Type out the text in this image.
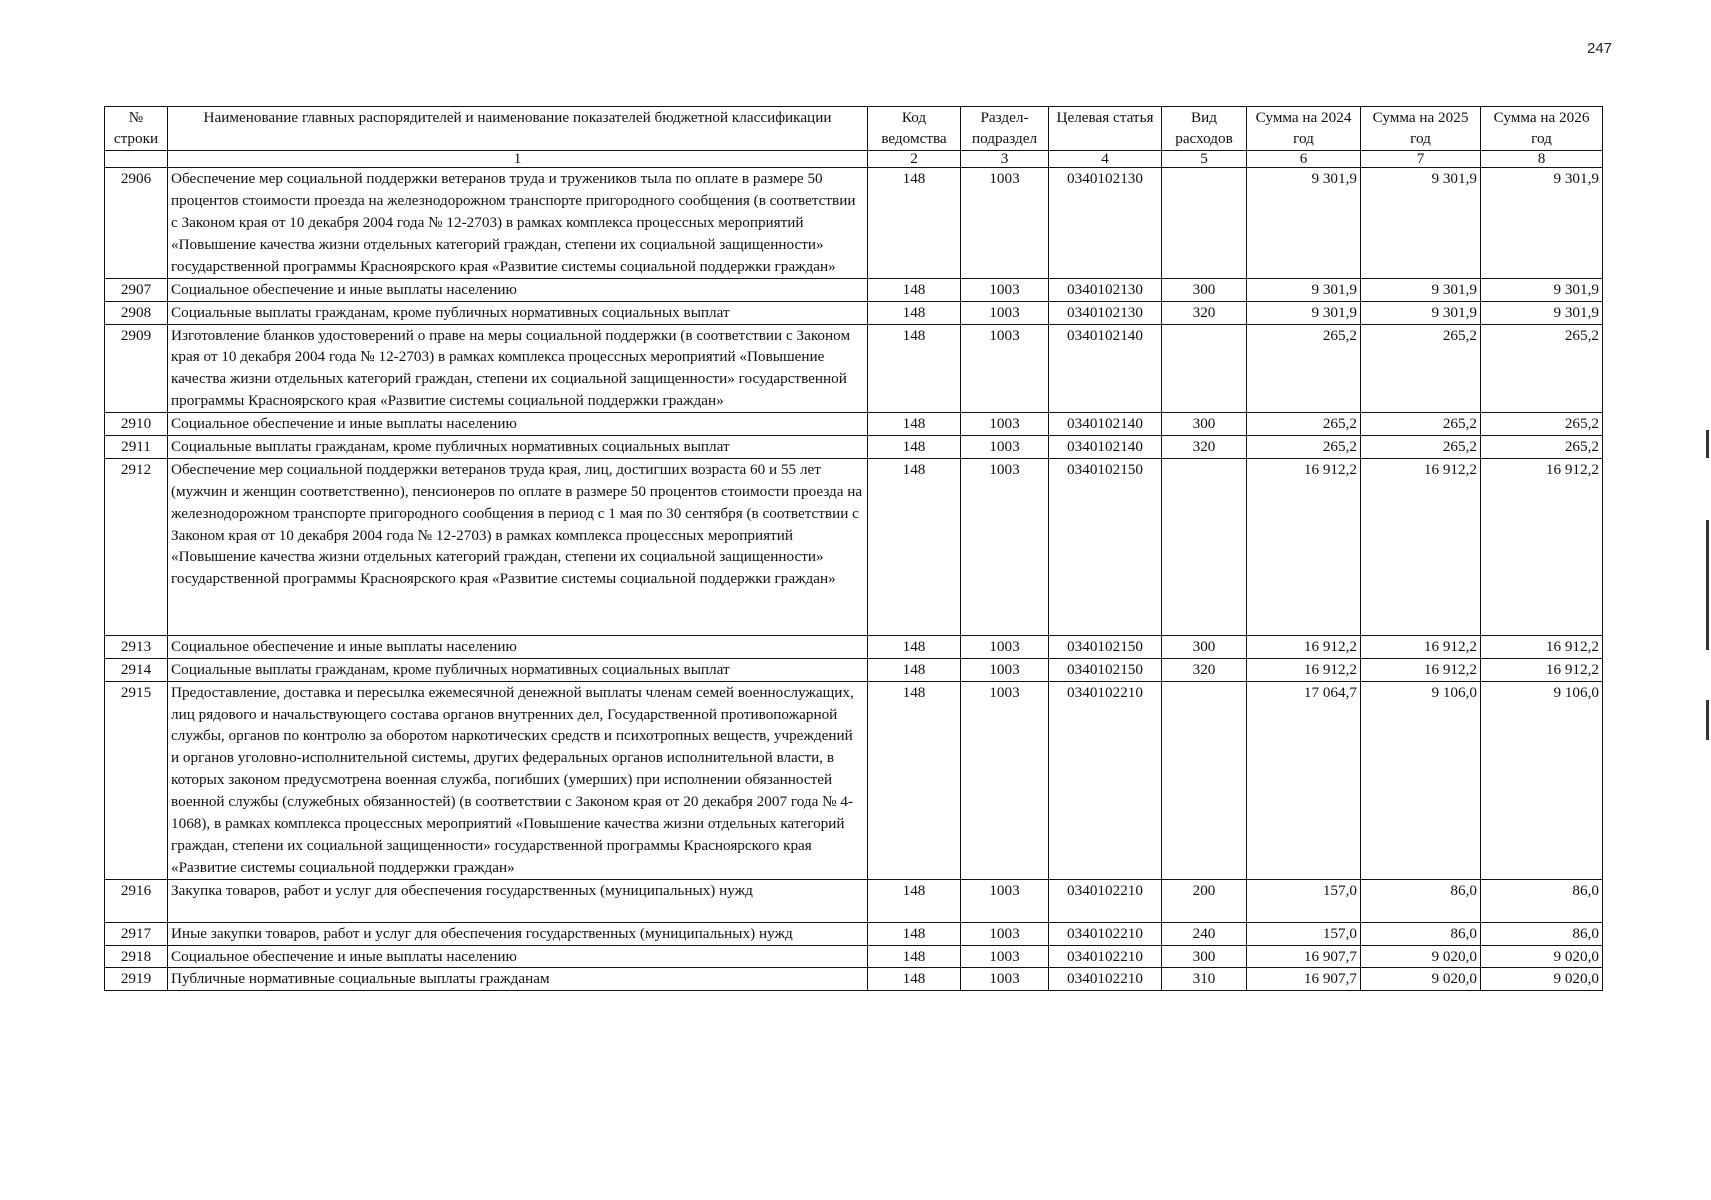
247
№ строки	Наименование главных распорядителей и наименование показателей бюджетной классификации	Код ведомства	Раздел-подраздел	Целевая статья	Вид расходов	Сумма на 2024 год	Сумма на 2025 год	Сумма на 2026 год
	1	2	3	4	5	6	7	8
2906	Обеспечение мер социальной поддержки ветеранов труда и тружеников тыла по оплате в размере 50 процентов стоимости проезда на железнодорожном транспорте пригородного сообщения (в соответствии с Законом края от 10 декабря 2004 года № 12-2703) в рамках комплекса процессных мероприятий «Повышение качества жизни отдельных категорий граждан, степени их социальной защищенности» государственной программы Красноярского края «Развитие системы социальной поддержки граждан»	148	1003	0340102130		9 301,9	9 301,9	9 301,9
2907	Социальное обеспечение и иные выплаты населению	148	1003	0340102130	300	9 301,9	9 301,9	9 301,9
2908	Социальные выплаты гражданам, кроме публичных нормативных социальных выплат	148	1003	0340102130	320	9 301,9	9 301,9	9 301,9
2909	Изготовление бланков удостоверений о праве на меры социальной поддержки (в соответствии с Законом края от 10 декабря 2004 года № 12-2703) в рамках комплекса процессных мероприятий «Повышение качества жизни отдельных категорий граждан, степени их социальной защищенности» государственной программы Красноярского края «Развитие системы социальной поддержки граждан»	148	1003	0340102140		265,2	265,2	265,2
2910	Социальное обеспечение и иные выплаты населению	148	1003	0340102140	300	265,2	265,2	265,2
2911	Социальные выплаты гражданам, кроме публичных нормативных социальных выплат	148	1003	0340102140	320	265,2	265,2	265,2
2912	Обеспечение мер социальной поддержки ветеранов труда края, лиц, достигших возраста 60 и 55 лет (мужчин и женщин соответственно), пенсионеров по оплате в размере 50 процентов стоимости проезда на железнодорожном транспорте пригородного сообщения в период с 1 мая по 30 сентября (в соответствии с Законом края от 10 декабря 2004 года № 12-2703) в рамках комплекса процессных мероприятий «Повышение качества жизни отдельных категорий граждан, степени их социальной защищенности» государственной программы Красноярского края «Развитие системы социальной поддержки граждан»	148	1003	0340102150		16 912,2	16 912,2	16 912,2
2913	Социальное обеспечение и иные выплаты населению	148	1003	0340102150	300	16 912,2	16 912,2	16 912,2
2914	Социальные выплаты гражданам, кроме публичных нормативных социальных выплат	148	1003	0340102150	320	16 912,2	16 912,2	16 912,2
2915	Предоставление, доставка и пересылка ежемесячной денежной выплаты членам семей военнослужащих, лиц рядового и начальствующего состава органов внутренних дел, Государственной противопожарной службы, органов по контролю за оборотом наркотических средств и психотропных веществ, учреждений и органов уголовно-исполнительной системы, других федеральных органов исполнительной власти, в которых законом предусмотрена военная служба, погибших (умерших) при исполнении обязанностей военной службы (служебных обязанностей) (в соответствии с Законом края от 20 декабря 2007 года № 4-1068), в рамках комплекса процессных мероприятий «Повышение качества жизни отдельных категорий граждан, степени их социальной защищенности» государственной программы Красноярского края «Развитие системы социальной поддержки граждан»	148	1003	0340102210		17 064,7	9 106,0	9 106,0
2916	Закупка товаров, работ и услуг для обеспечения государственных (муниципальных) нужд	148	1003	0340102210	200	157,0	86,0	86,0
2917	Иные закупки товаров, работ и услуг для обеспечения государственных (муниципальных) нужд	148	1003	0340102210	240	157,0	86,0	86,0
2918	Социальное обеспечение и иные выплаты населению	148	1003	0340102210	300	16 907,7	9 020,0	9 020,0
2919	Публичные нормативные социальные выплаты гражданам	148	1003	0340102210	310	16 907,7	9 020,0	9 020,0
